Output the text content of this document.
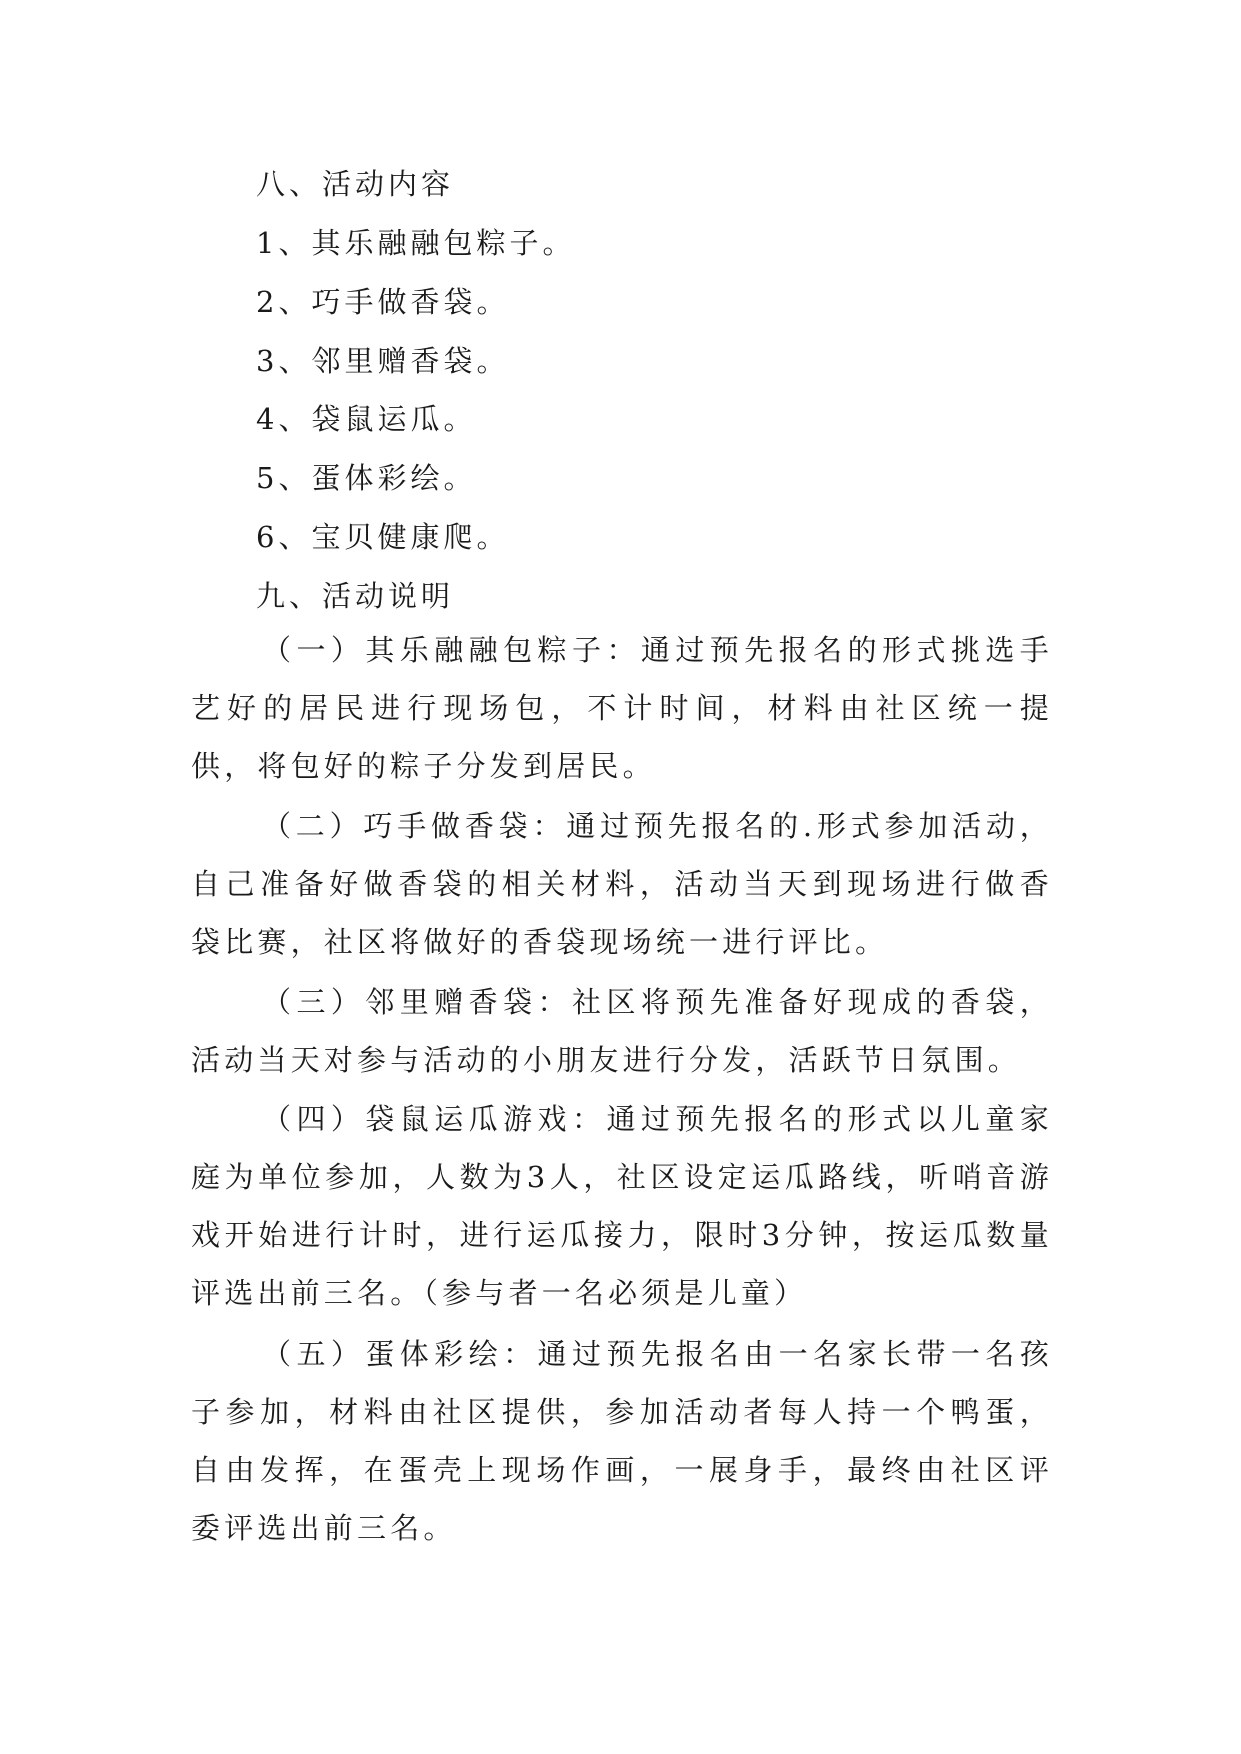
八、活动内容
1、其乐融融包粽子。
2、巧手做香袋。
3、邻里赠香袋。
4、袋鼠运瓜。
5、蛋体彩绘。
6、宝贝健康爬。
九、活动说明
（一）其乐融融包粽子：通过预先报名的形式挑选手艺好的居民进行现场包，不计时间，材料由社区统一提供，将包好的粽子分发到居民。
（二）巧手做香袋：通过预先报名的.形式参加活动，自己准备好做香袋的相关材料，活动当天到现场进行做香袋比赛，社区将做好的香袋现场统一进行评比。
（三）邻里赠香袋：社区将预先准备好现成的香袋，活动当天对参与活动的小朋友进行分发，活跃节日氛围。
（四）袋鼠运瓜游戏：通过预先报名的形式以儿童家庭为单位参加，人数为3人，社区设定运瓜路线，听哨音游戏开始进行计时，进行运瓜接力，限时3分钟，按运瓜数量评选出前三名。（参与者一名必须是儿童）
（五）蛋体彩绘：通过预先报名由一名家长带一名孩子参加，材料由社区提供，参加活动者每人持一个鸭蛋，自由发挥，在蛋壳上现场作画，一展身手，最终由社区评委评选出前三名。
